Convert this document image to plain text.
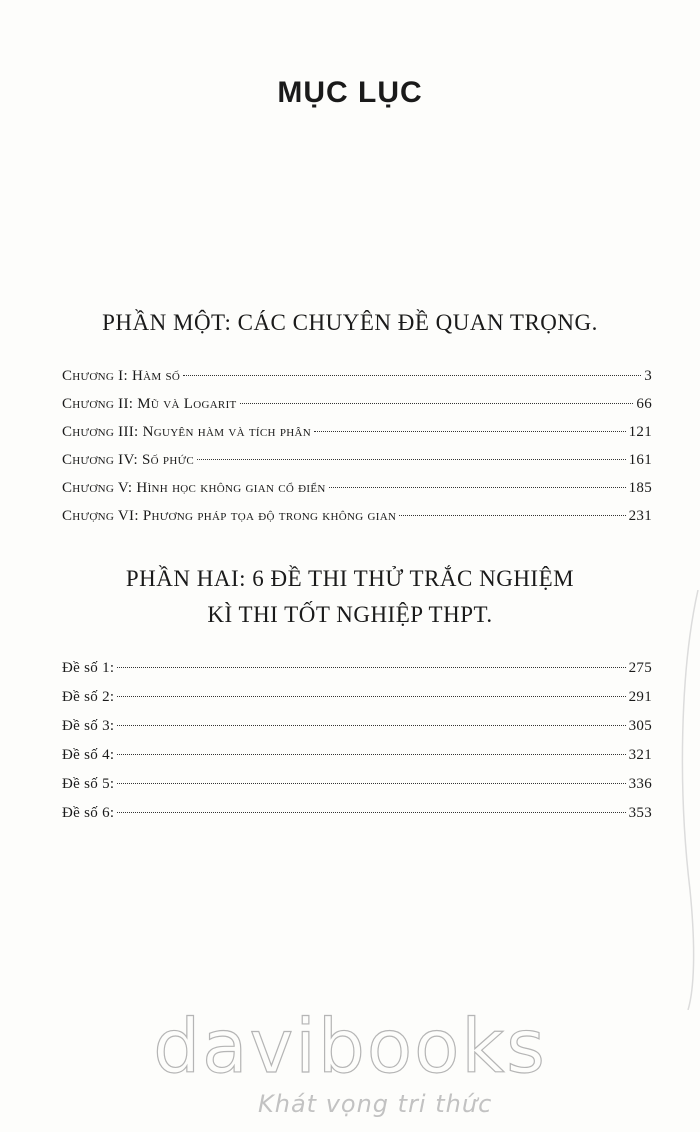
MỤC LỤC
PHẦN MỘT: CÁC CHUYÊN ĐỀ QUAN TRỌNG.
Chương I: Hàm số	3
Chương II: Mũ và Logarit	66
Chương III: Nguyên hàm và tích phân	121
Chương IV: Số phức	161
Chương V: Hình học không gian cổ điển	185
Chượng VI: Phương pháp tọa độ trong không gian	231
PHẦN HAI: 6 ĐỀ THI THỬ TRẮC NGHIỆM
KÌ THI TỐT NGHIỆP THPT.
Đề số 1:	275
Đề số 2:	291
Đề số 3:	305
Đề số 4:	321
Đề số 5:	336
Đề số 6:	353
davibooks
Khát vọng tri thức
